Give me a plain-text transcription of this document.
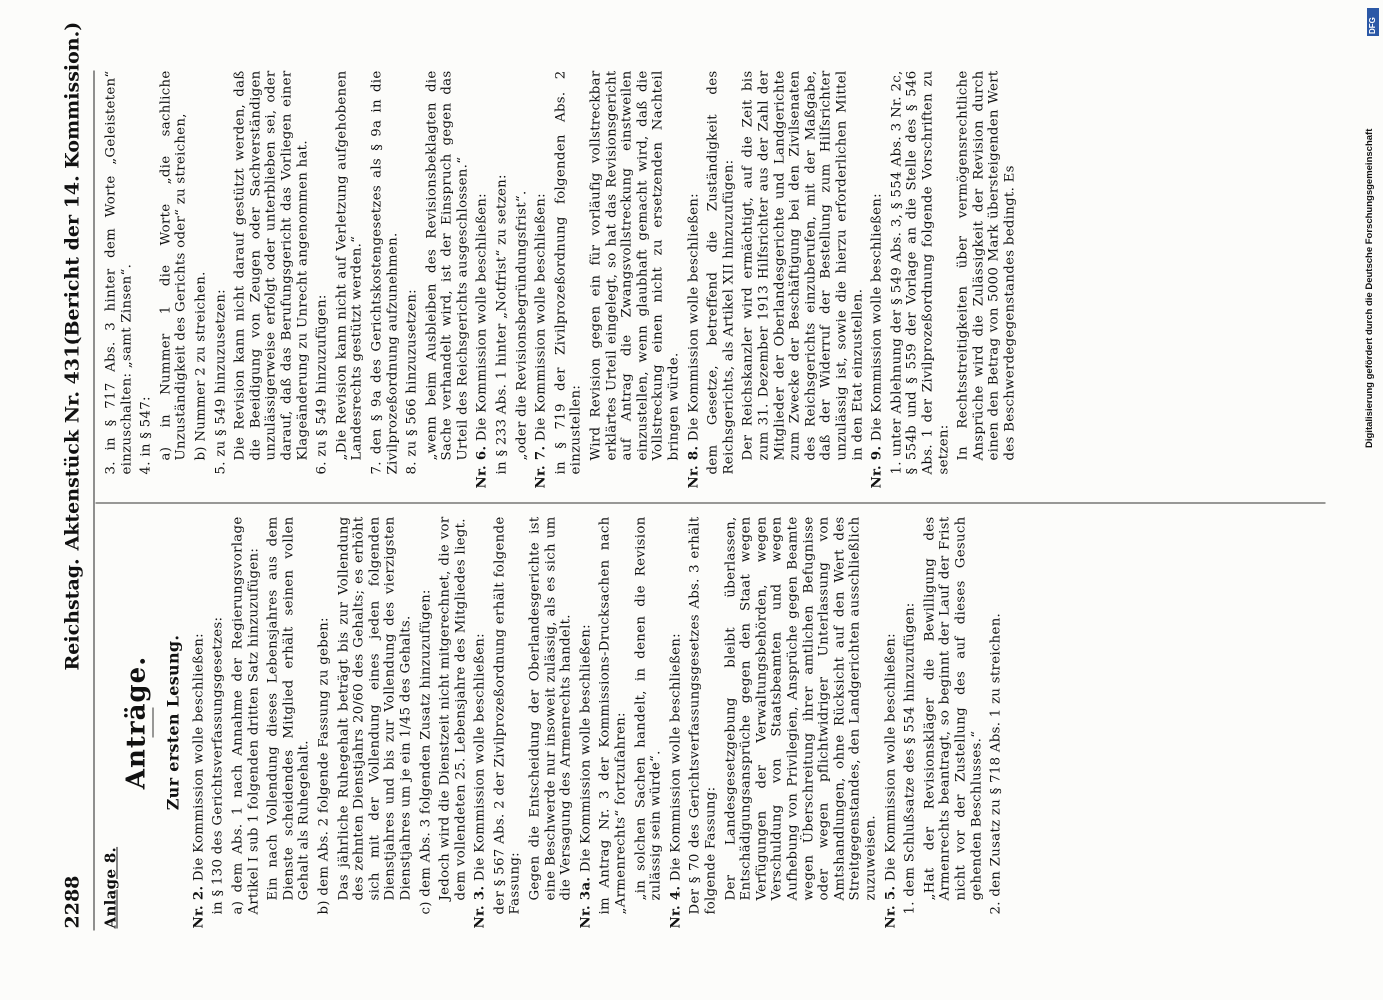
2288
Reichstag.
Aktenstück Nr. 431.
(Bericht der 14. Kommission.)

Anlage 8.

Anträge. Zur ersten Lesung.

Nr. 2. Die Kommission wolle beschließen: in § 130 des Gerichtsverfassungsgesetzes: a) dem Abs. 1 nach Annahme der Regierungsvorlage Artikel I sub 1 folgenden dritten Satz hinzuzufügen: Ein nach Vollendung dieses Lebensjahres aus dem Dienste scheidendes Mitglied erhält seinen vollen Gehalt als Ruhegehalt. b) dem Abs. 2 folgende Fassung zu geben: Das jährliche Ruhegehalt beträgt bis zur Vollendung des zehnten Dienstjahrs 20/60 des Gehalts; es erhöht sich mit der Vollendung eines jeden folgenden Dienstjahres und bis zur Vollendung des vierzigsten Dienstjahres um je ein 1/45 des Gehalts. c) dem Abs. 3 folgenden Zusatz hinzuzufügen: Jedoch wird die Dienstzeit nicht mitgerechnet, die vor dem vollendeten 25. Lebensjahre des Mitgliedes liegt.

Nr. 3. Die Kommission wolle beschließen: der § 567 Abs. 2 der Zivilprozeßordnung erhält folgende Fassung: Gegen die Entscheidung der Oberlandesgerichte ist eine Beschwerde nur insoweit zulässig, als es sich um die Versagung des Armenrechts handelt.

Nr. 3a. Die Kommission wolle beschließen: im Antrag Nr. 3 der Kommissions-Drucksachen nach „Armenrechts“ fortzufahren: „in solchen Sachen handelt, in denen die Revision zulässig sein würde“.

Nr. 4. Die Kommission wolle beschließen: Der § 70 des Gerichtsverfassungsgesetzes Abs. 3 erhält folgende Fassung: Der Landesgesetzgebung bleibt überlassen, Entschädigungsansprüche gegen den Staat wegen Verfügungen der Verwaltungsbehörden, wegen Verschuldung von Staatsbeamten und wegen Aufhebung von Privilegien, Ansprüche gegen Beamte wegen Überschreitung ihrer amtlichen Befugnisse oder wegen pflichtwidriger Unterlassung von Amtshandlungen, ohne Rücksicht auf den Wert des Streitgegenstandes, den Landgerichten ausschließlich zuzuweisen.

Nr. 5. Die Kommission wolle beschließen: 1. dem Schlußsatze des § 554 hinzuzufügen: „Hat der Revisionskläger die Bewilligung des Armenrechts beantragt, so beginnt der Lauf der Frist nicht vor der Zustellung des auf dieses Gesuch gehenden Beschlusses.“ 2. den Zusatz zu § 718 Abs. 1 zu streichen.

3. in § 717 Abs. 3 hinter dem Worte „Geleisteten“ einzuschalten: „samt Zinsen“. 4. in § 547: a) in Nummer 1 die Worte „die sachliche Unzuständigkeit des Gerichts oder“ zu streichen, b) Nummer 2 zu streichen. 5. zu § 549 hinzuzusetzen: Die Revision kann nicht darauf gestützt werden, daß die Beeidigung von Zeugen oder Sachverständigen unzulässigerweise erfolgt oder unterblieben sei, oder darauf, daß das Berufungsgericht das Vorliegen einer Klageänderung zu Unrecht angenommen hat. 6. zu § 549 hinzuzufügen: „Die Revision kann nicht auf Verletzung aufgehobenen Landesrechts gestützt werden.“ 7. den § 9a des Gerichtskostengesetzes als § 9a in die Zivilprozeßordnung aufzunehmen. 8. zu § 566 hinzuzusetzen: „wenn beim Ausbleiben des Revisionsbeklagten die Sache verhandelt wird, ist der Einspruch gegen das Urteil des Reichsgerichts ausgeschlossen.“

Nr. 6. Die Kommission wolle beschließen: in § 233 Abs. 1 hinter „Notfrist“ zu setzen: „oder die Revisionsbegründungsfrist“.

Nr. 7. Die Kommission wolle beschließen: in § 719 der Zivilprozeßordnung folgenden Abs. 2 einzustellen: Wird Revision gegen ein für vorläufig vollstreckbar erklärtes Urteil eingelegt, so hat das Revisionsgericht auf Antrag die Zwangsvollstreckung einstweilen einzustellen, wenn glaubhaft gemacht wird, daß die Vollstreckung einen nicht zu ersetzenden Nachteil bringen würde.

Nr. 8. Die Kommission wolle beschließen: dem Gesetze, betreffend die Zuständigkeit des Reichsgerichts, als Artikel XII hinzuzufügen: Der Reichskanzler wird ermächtigt, auf die Zeit bis zum 31. Dezember 1913 Hilfsrichter aus der Zahl der Mitglieder der Oberlandesgerichte und Landgerichte zum Zwecke der Beschäftigung bei den Zivilsenaten des Reichsgerichts einzuberufen, mit der Maßgabe, daß der Widerruf der Bestellung zum Hilfsrichter unzulässig ist, sowie die hierzu erforderlichen Mittel in den Etat einzustellen.

Nr. 9. Die Kommission wolle beschließen: 1. unter Ablehnung der § 549 Abs. 3, § 554 Abs. 3 Nr. 2c, § 554b und § 559 der Vorlage an die Stelle des § 546 Abs. 1 der Zivilprozeßordnung folgende Vorschriften zu setzen: In Rechtsstreitigkeiten über vermögensrechtliche Ansprüche wird die Zulässigkeit der Revision durch einen den Betrag von 5000 Mark übersteigenden Wert des Beschwerdegegenstandes bedingt. Es

DFG
Digitalisierung gefördert durch die Deutsche Forschungsgemeinschaft
